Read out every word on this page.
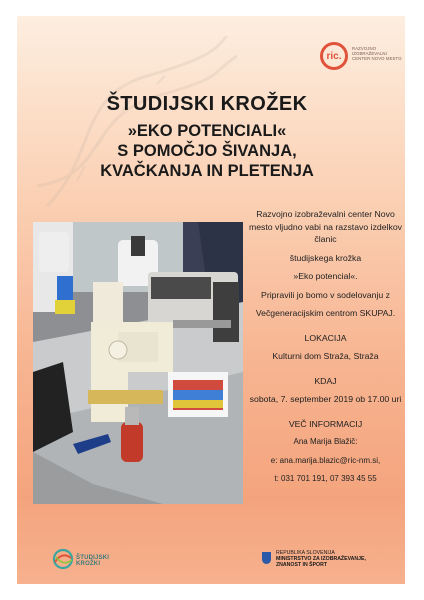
ric.
RAZVOJNO
IZOBRAŽEVALNI
CENTER NOVO MESTO
ŠTUDIJSKI KROŽEK
»EKO POTENCIALI«
S POMOČJO ŠIVANJA,
KVAČKANJA IN PLETENJA

Razvojno izobraževalni center Novo mesto vljudno vabi na razstavo izdelkov članic

študijskega krožka

»Eko potencial«.

Pripravili jo bomo v sodelovanju z

Večgeneracijskim centrom SKUPAJ.

LOKACIJA

Kulturni dom Straža, Straža

KDAJ

sobota, 7. september 2019 ob 17.00 uri

VEČ INFORMACIJ

Ana Marija Blažič:

e: ana.marija.blazic@ric-nm.si,

t: 031 701 191, 07 393 45 55

ŠTUDIJSKI KROŽKI
REPUBLIKA SLOVENIJA
MINISTRSTVO ZA IZOBRAŽEVANJE,
ZNANOST IN ŠPORT
